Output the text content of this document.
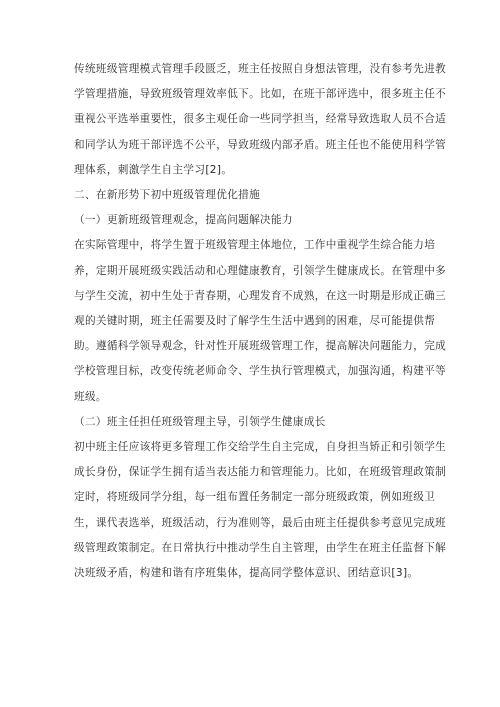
传统班级管理模式管理手段匮乏，班主任按照自身想法管理，没有参考先进教
学管理措施，导致班级管理效率低下。比如，在班干部评选中，很多班主任不
重视公平选举重要性，很多主观任命一些同学担当，经常导致选取人员不合适
和同学认为班干部评选不公平，导致班级内部矛盾。班主任也不能使用科学管
理体系，刺激学生自主学习[2]。
二、在新形势下初中班级管理优化措施
（一）更新班级管理观念，提高问题解决能力
在实际管理中，将学生置于班级管理主体地位，工作中重视学生综合能力培
养，定期开展班级实践活动和心理健康教育，引领学生健康成长。在管理中多
与学生交流，初中生处于青春期，心理发育不成熟，在这一时期是形成正确三
观的关键时期，班主任需要及时了解学生生活中遇到的困难，尽可能提供帮
助。遵循科学领导观念，针对性开展班级管理工作，提高解决问题能力，完成
学校管理目标，改变传统老师命令、学生执行管理模式，加强沟通，构建平等
班级。
（二）班主任担任班级管理主导，引领学生健康成长
初中班主任应该将更多管理工作交给学生自主完成，自身担当矫正和引领学生
成长身份，保证学生拥有适当表达能力和管理能力。比如，在班级管理政策制
定时，将班级同学分组，每一组布置任务制定一部分班级政策，例如班级卫
生，课代表选举，班级活动，行为准则等，最后由班主任提供参考意见完成班
级管理政策制定。在日常执行中推动学生自主管理，由学生在班主任监督下解
决班级矛盾，构建和谐有序班集体，提高同学整体意识、团结意识[3]。
